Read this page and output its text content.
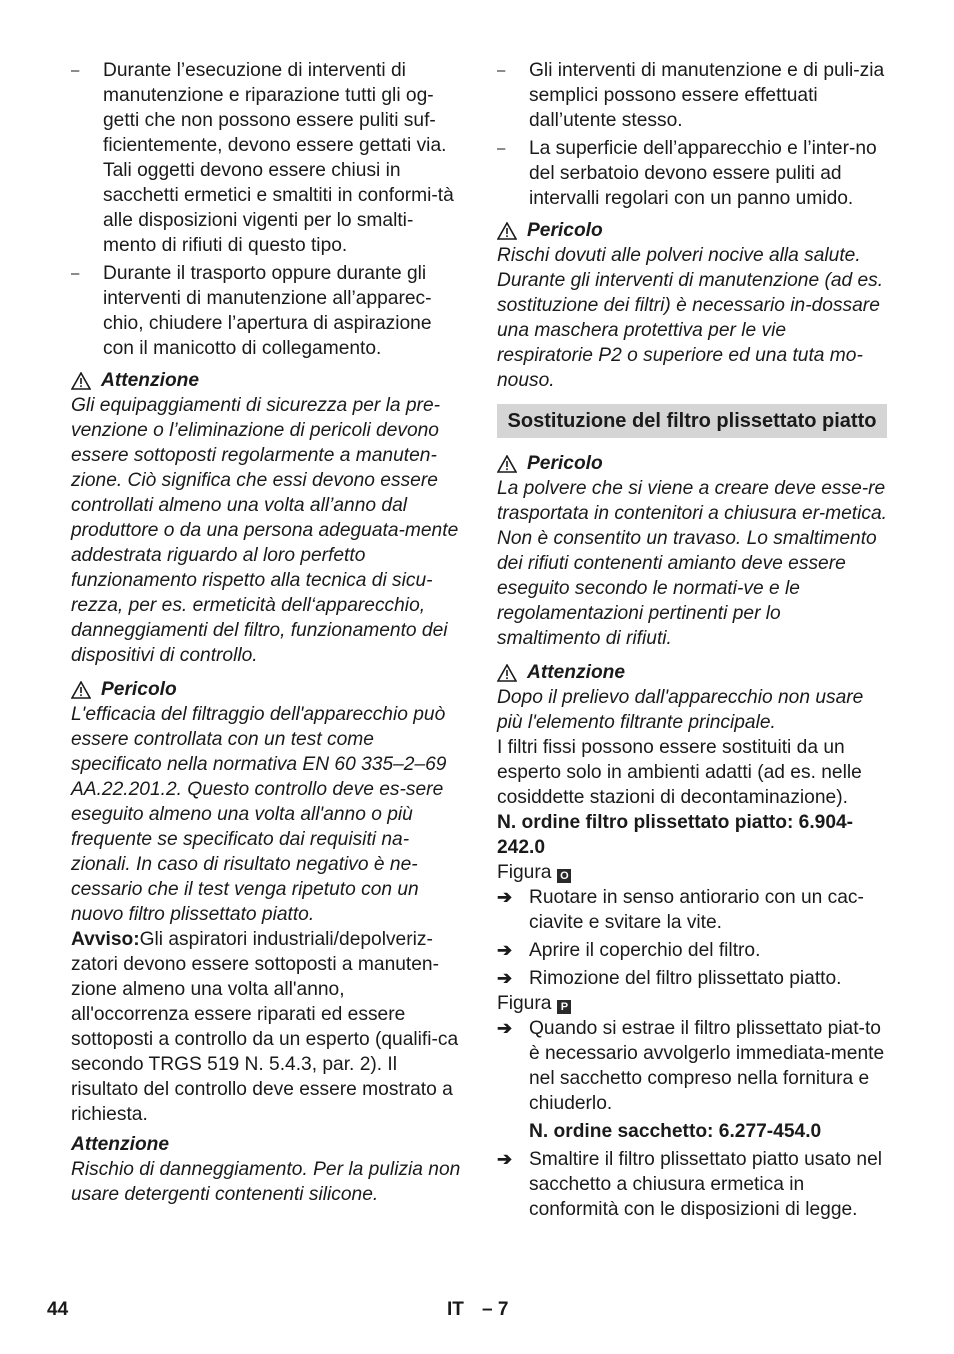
– Durante l’esecuzione di interventi di manutenzione e riparazione tutti gli og-getti che non possono essere puliti suf-ficientemente, devono essere gettati via. Tali oggetti devono essere chiusi in sacchetti ermetici e smaltiti in conformi-tà alle disposizioni vigenti per lo smalti-mento di rifiuti di questo tipo.

– Durante il trasporto oppure durante gli interventi di manutenzione all’apparec-chio, chiudere l’apertura di aspirazione con il manicotto di collegamento.

Attenzione

Gli equipaggiamenti di sicurezza per la pre-venzione o l’eliminazione di pericoli devono essere sottoposti regolarmente a manuten-zione. Ciò significa che essi devono essere controllati almeno una volta all’anno dal produttore o da una persona adeguata-mente addestrata riguardo al loro perfetto funzionamento rispetto alla tecnica di sicu-rezza, per es. ermeticità dell‘apparecchio, danneggiamenti del filtro, funzionamento dei dispositivi di controllo.

Pericolo

L'efficacia del filtraggio dell'apparecchio può essere controllata con un test come specificato nella normativa EN 60 335–2–69 AA.22.201.2. Questo controllo deve es-sere eseguito almeno una volta all'anno o più frequente se specificato dai requisiti na-zionali. In caso di risultato negativo è ne-cessario che il test venga ripetuto con un nuovo filtro plissettato piatto.

Avviso:Gli aspiratori industriali/depolveriz-zatori devono essere sottoposti a manuten-zione almeno una volta all'anno, all'occorrenza essere riparati ed essere sottoposti a controllo da un esperto (qualifi-ca secondo TRGS 519 N. 5.4.3, par. 2). Il risultato del controllo deve essere mostrato a richiesta.

Attenzione

Rischio di danneggiamento. Per la pulizia non usare detergenti contenenti silicone.

– Gli interventi di manutenzione e di puli-zia semplici possono essere effettuati dall’utente stesso.

– La superficie dell’apparecchio e l’inter-no del serbatoio devono essere puliti ad intervalli regolari con un panno umido.

Pericolo

Rischi dovuti alle polveri nocive alla salute. Durante gli interventi di manutenzione (ad es. sostituzione dei filtri) è necessario in-dossare una maschera protettiva per le vie respiratorie P2 o superiore ed una tuta mo-nouso.

Sostituzione del filtro plissettato piatto

Pericolo

La polvere che si viene a creare deve esse-re trasportata in contenitori a chiusura er-metica. Non è consentito un travaso. Lo smaltimento dei rifiuti contenenti amianto deve essere eseguito secondo le normati-ve e le regolamentazioni pertinenti per lo smaltimento di rifiuti.

Attenzione

Dopo il prelievo dall'apparecchio non usare più l'elemento filtrante principale.

I filtri fissi possono essere sostituiti da un esperto solo in ambienti adatti (ad es. nelle cosiddette stazioni di decontaminazione).

N. ordine filtro plissettato piatto: 6.904-242.0

Figura O

➔ Ruotare in senso antiorario con un cac-ciavite e svitare la vite.

➔ Aprire il coperchio del filtro.

➔ Rimozione del filtro plissettato piatto.

Figura P

➔ Quando si estrae il filtro plissettato piat-to è necessario avvolgerlo immediata-mente nel sacchetto compreso nella fornitura e chiuderlo.

N. ordine sacchetto: 6.277-454.0

➔ Smaltire il filtro plissettato piatto usato nel sacchetto a chiusura ermetica in conformità con le disposizioni di legge.

44	IT – 7
